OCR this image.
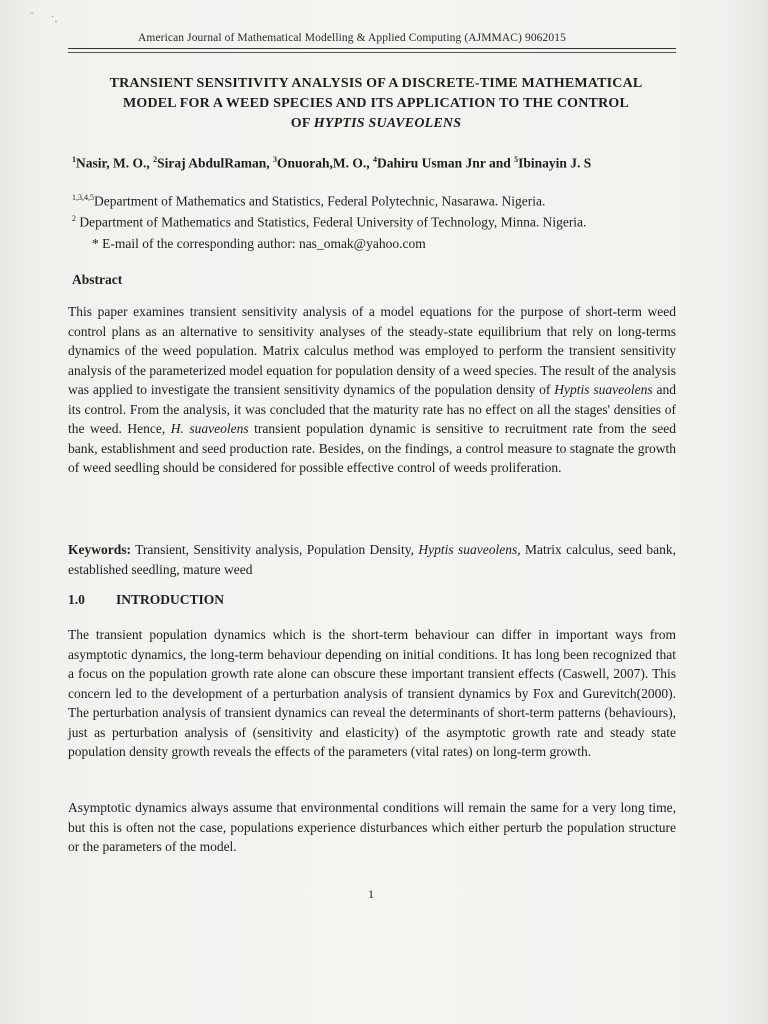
˝       ·˳
American Journal of Mathematical Modelling & Applied Computing (AJMMAC) 9062015
TRANSIENT SENSITIVITY ANALYSIS OF A DISCRETE-TIME MATHEMATICAL
MODEL FOR A WEED SPECIES AND ITS APPLICATION TO THE CONTROL
OF HYPTIS SUAVEOLENS
$^1$Nasir, M. O., $^2$Siraj AbdulRaman, $^3$Onuorah,M. O., $^4$Dahiru Usman Jnr and $^5$Ibinayin J. S
$^{1,3,4,5}$Department of Mathematics and Statistics, Federal Polytechnic, Nasarawa. Nigeria.
$^2$ Department of Mathematics and Statistics, Federal University of Technology, Minna. Nigeria.
* E-mail of the corresponding author: nas_omak@yahoo.com
Abstract
This paper examines transient sensitivity analysis of a model equations for the purpose of short-term weed control plans as an alternative to sensitivity analyses of the steady-state equilibrium that rely on long-terms dynamics of the weed population. Matrix calculus method was employed to perform the transient sensitivity analysis of the parameterized model equation for population density of a weed species. The result of the analysis was applied to investigate the transient sensitivity dynamics of the population density of Hyptis suaveolens and its control. From the analysis, it was concluded that the maturity rate has no effect on all the stages' densities of the weed. Hence, H. suaveolens transient population dynamic is sensitive to recruitment rate from the seed bank, establishment and seed production rate. Besides, on the findings, a control measure to stagnate the growth of weed seedling should be considered for possible effective control of weeds proliferation.
Keywords: Transient, Sensitivity analysis, Population Density, Hyptis suaveolens, Matrix calculus, seed bank, established seedling, mature weed
1.0 INTRODUCTION
The transient population dynamics which is the short-term behaviour can differ in important ways from asymptotic dynamics, the long-term behaviour depending on initial conditions. It has long been recognized that a focus on the population growth rate alone can obscure these important transient effects (Caswell, 2007). This concern led to the development of a perturbation analysis of transient dynamics by Fox and Gurevitch(2000). The perturbation analysis of transient dynamics can reveal the determinants of short-term patterns (behaviours), just as perturbation analysis of (sensitivity and elasticity) of the asymptotic growth rate and steady state population density growth reveals the effects of the parameters (vital rates) on long-term growth.
Asymptotic dynamics always assume that environmental conditions will remain the same for a very long time, but this is often not the case, populations experience disturbances which either perturb the population structure or the parameters of the model.
1
